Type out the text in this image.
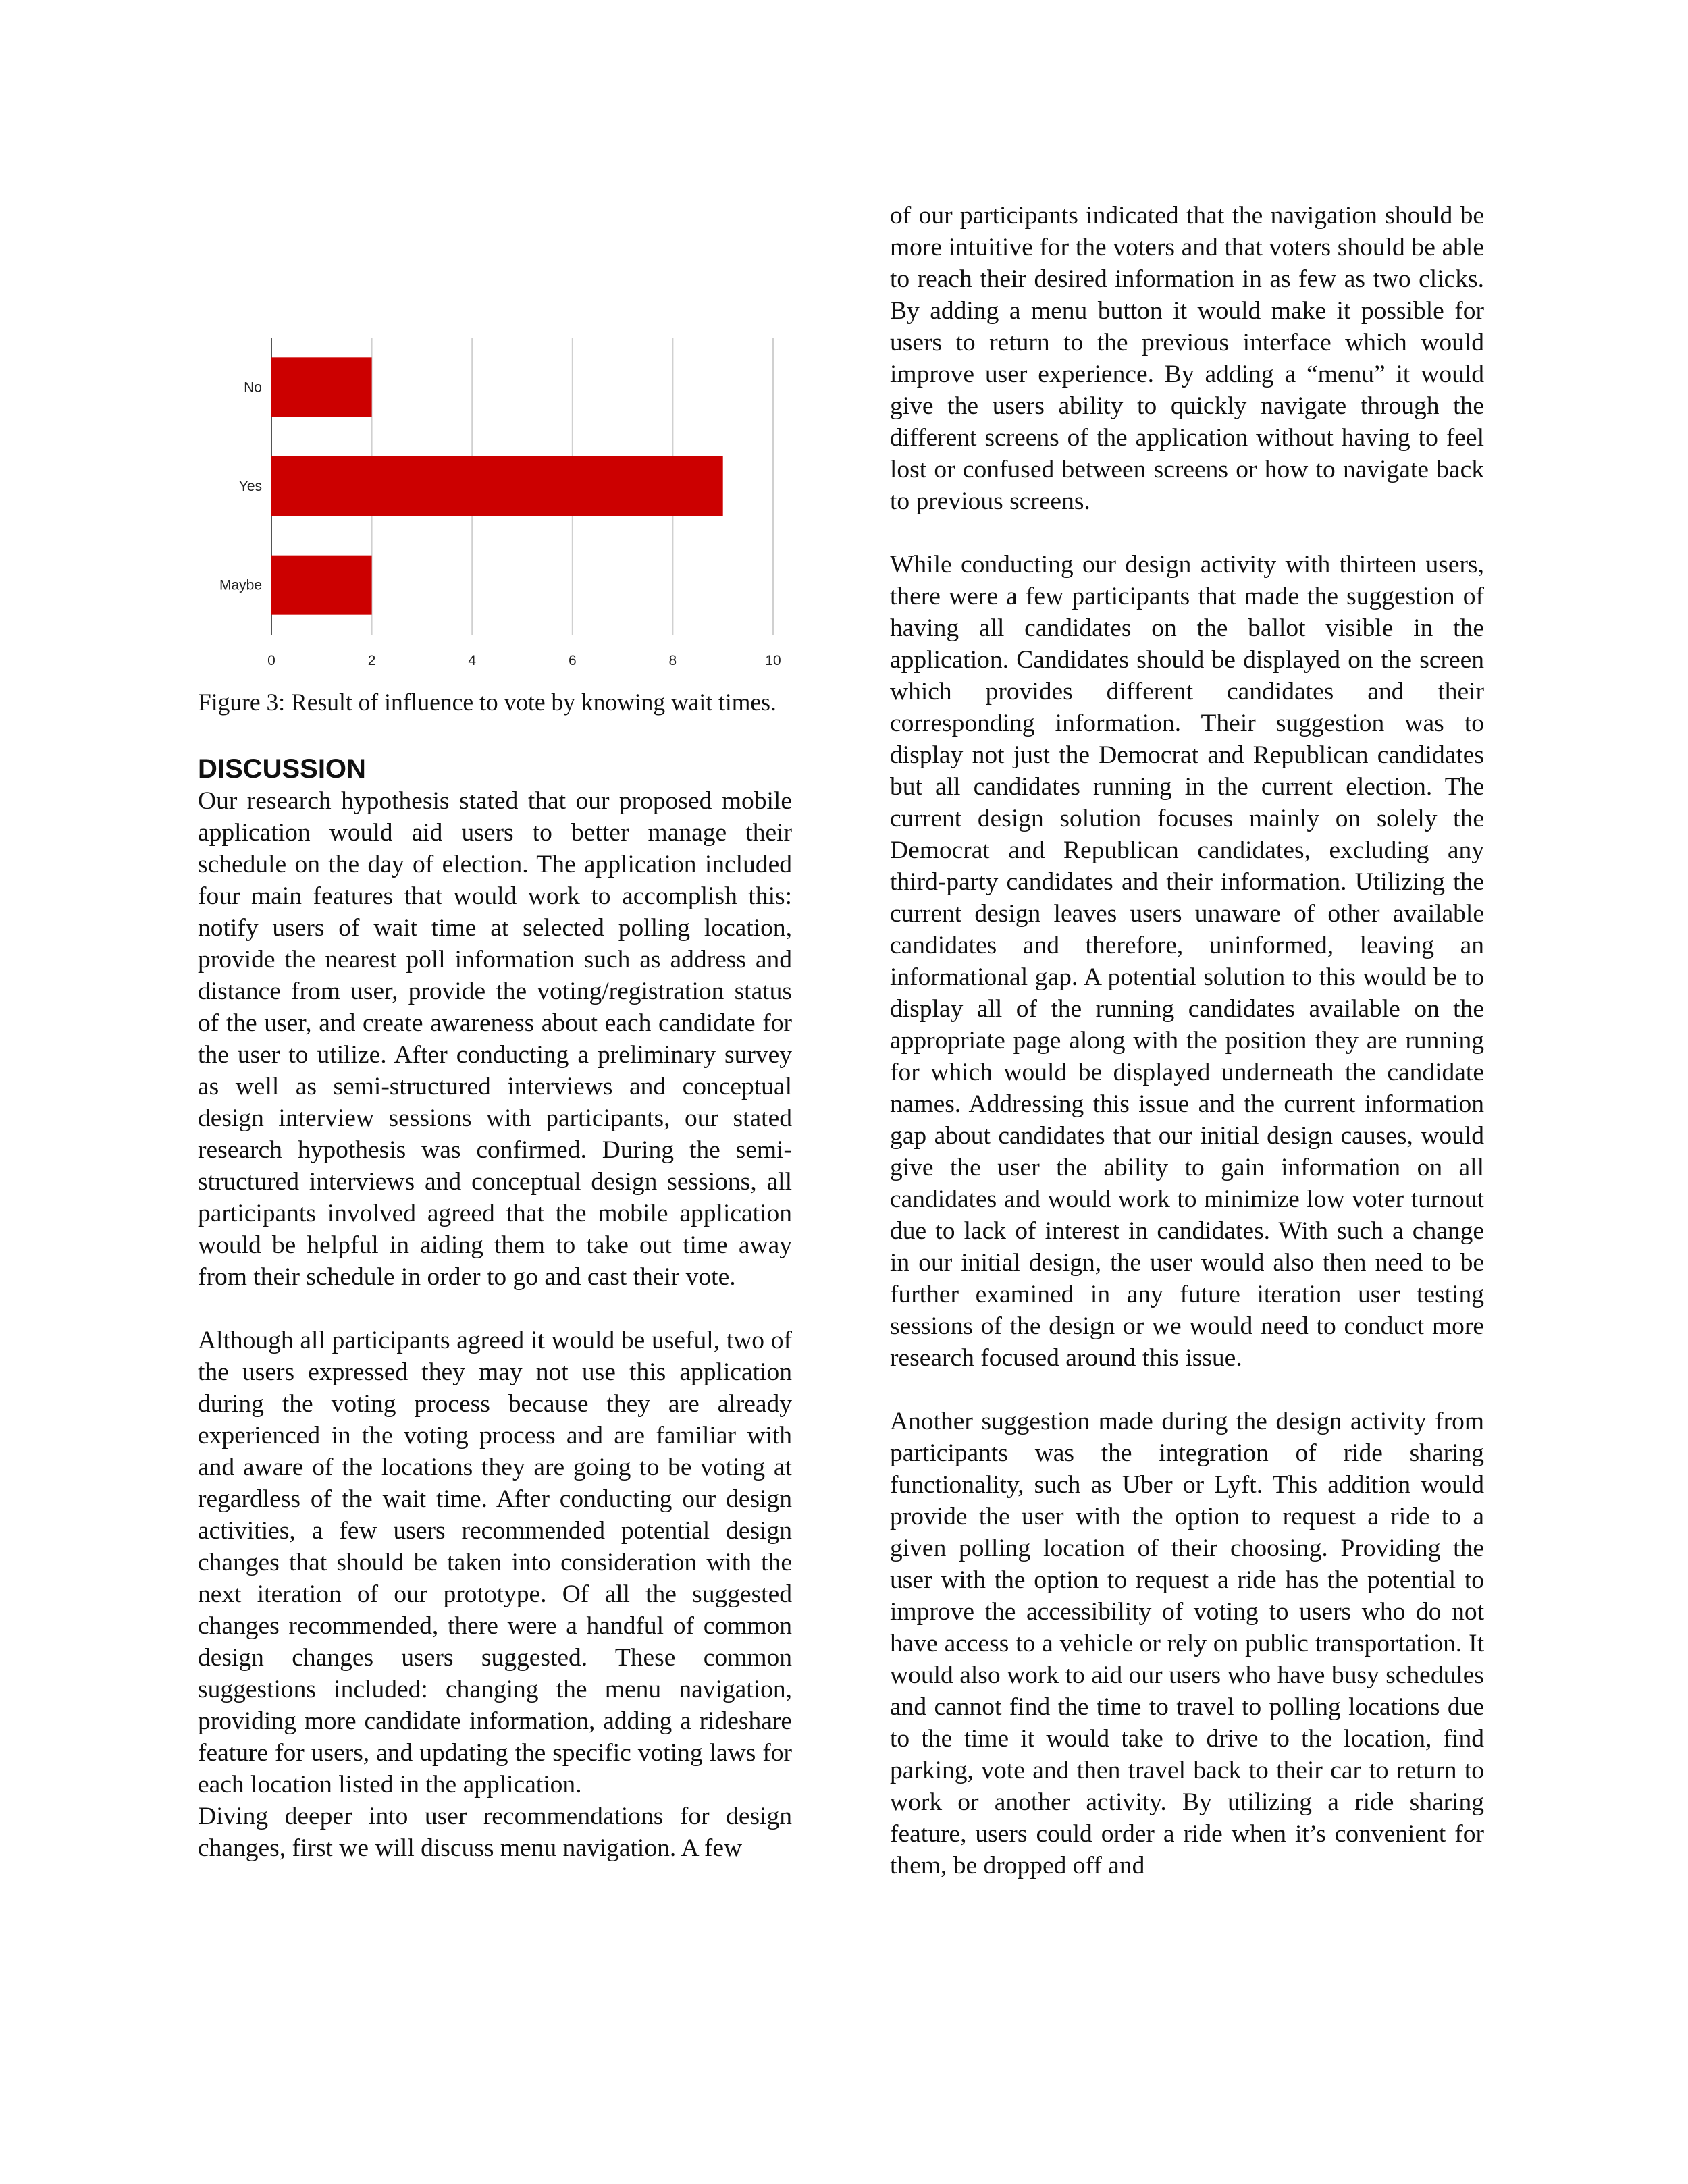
0	2	4	6	8	10
No
Yes
Maybe
Figure 3: Result of influence to vote by knowing wait times.
DISCUSSION

Our research hypothesis stated that our proposed mobile application would aid users to better manage their schedule on the day of election. The application included four main features that would work to accomplish this: notify users of wait time at selected polling location, provide the nearest poll information such as address and distance from user, provide the voting/registration status of the user, and create awareness about each candidate for the user to utilize. After conducting a preliminary survey as well as semi-structured interviews and conceptual design interview sessions with participants, our stated research hypothesis was confirmed. During the semi-structured interviews and conceptual design sessions, all participants involved agreed that the mobile application would be helpful in aiding them to take out time away from their schedule in order to go and cast their vote.

Although all participants agreed it would be useful, two of the users expressed they may not use this application during the voting process because they are already experienced in the voting process and are familiar with and aware of the locations they are going to be voting at regardless of the wait time. After conducting our design activities, a few users recommended potential design changes that should be taken into consideration with the next iteration of our prototype. Of all the suggested changes recommended, there were a handful of common design changes users suggested. These common suggestions included: changing the menu navigation, providing more candidate information, adding a rideshare feature for users, and updating the specific voting laws for each location listed in the application.

Diving deeper into user recommendations for design changes, first we will discuss menu navigation. A few

of our participants indicated that the navigation should be more intuitive for the voters and that voters should be able to reach their desired information in as few as two clicks. By adding a menu button it would make it possible for users to return to the previous interface which would improve user experience. By adding a “menu” it would give the users ability to quickly navigate through the different screens of the application without having to feel lost or confused between screens or how to navigate back to previous screens.

While conducting our design activity with thirteen users, there were a few participants that made the suggestion of having all candidates on the ballot visible in the application. Candidates should be displayed on the screen which provides different candidates and their corresponding information. Their suggestion was to display not just the Democrat and Republican candidates but all candidates running in the current election. The current design solution focuses mainly on solely the Democrat and Republican candidates, excluding any third-party candidates and their information. Utilizing the current design leaves users unaware of other available candidates and therefore, uninformed, leaving an informational gap. A potential solution to this would be to display all of the running candidates available on the appropriate page along with the position they are running for which would be displayed underneath the candidate names. Addressing this issue and the current information gap about candidates that our initial design causes, would give the user the ability to gain information on all candidates and would work to minimize low voter turnout due to lack of interest in candidates. With such a change in our initial design, the user would also then need to be further examined in any future iteration user testing sessions of the design or we would need to conduct more research focused around this issue.

Another suggestion made during the design activity from participants was the integration of ride sharing functionality, such as Uber or Lyft. This addition would provide the user with the option to request a ride to a given polling location of their choosing. Providing the user with the option to request a ride has the potential to improve the accessibility of voting to users who do not have access to a vehicle or rely on public transportation. It would also work to aid our users who have busy schedules and cannot find the time to travel to polling locations due to the time it would take to drive to the location, find parking, vote and then travel back to their car to return to work or another activity. By utilizing a ride sharing feature, users could order a ride when it’s convenient for them, be dropped off and
